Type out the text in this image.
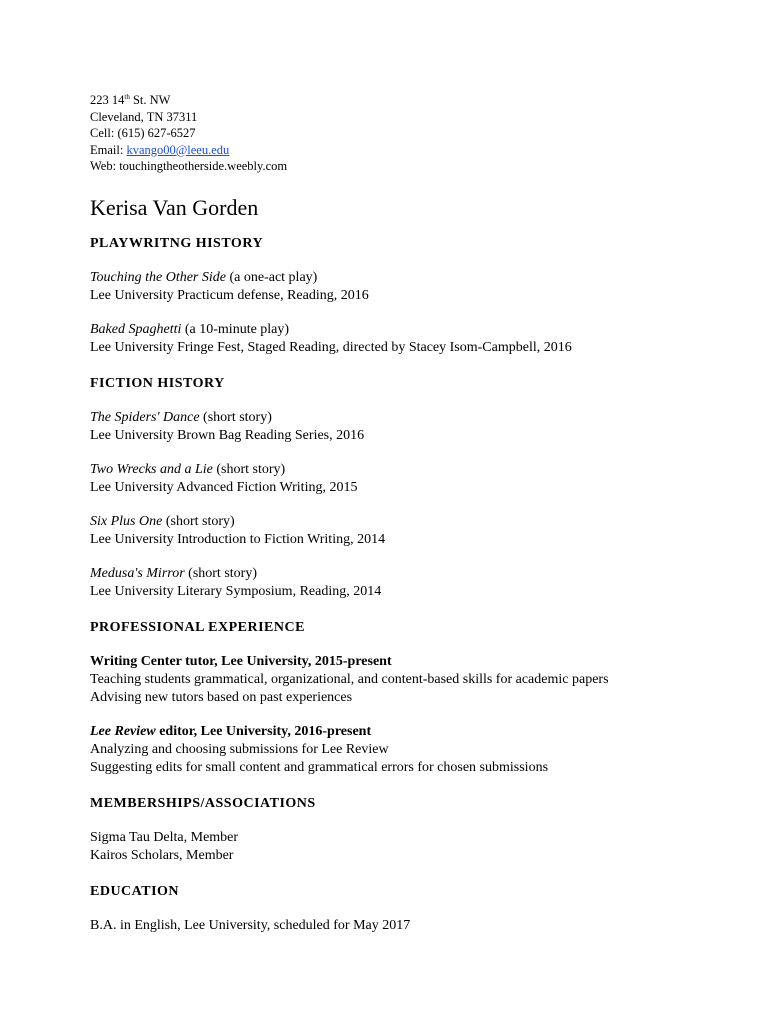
223 14th St. NW
Cleveland, TN 37311
Cell: (615) 627-6527
Email: kvango00@leeu.edu
Web: touchingtheotherside.weebly.com
Kerisa Van Gorden
PLAYWRITNG HISTORY
Touching the Other Side (a one-act play)
Lee University Practicum defense, Reading, 2016
Baked Spaghetti (a 10-minute play)
Lee University Fringe Fest, Staged Reading, directed by Stacey Isom-Campbell, 2016
FICTION HISTORY
The Spiders' Dance (short story)
Lee University Brown Bag Reading Series, 2016
Two Wrecks and a Lie (short story)
Lee University Advanced Fiction Writing, 2015
Six Plus One (short story)
Lee University Introduction to Fiction Writing, 2014
Medusa's Mirror (short story)
Lee University Literary Symposium, Reading, 2014
PROFESSIONAL EXPERIENCE
Writing Center tutor, Lee University, 2015-present
Teaching students grammatical, organizational, and content-based skills for academic papers
Advising new tutors based on past experiences
Lee Review editor, Lee University, 2016-present
Analyzing and choosing submissions for Lee Review
Suggesting edits for small content and grammatical errors for chosen submissions
MEMBERSHIPS/ASSOCIATIONS
Sigma Tau Delta, Member
Kairos Scholars, Member
EDUCATION
B.A. in English, Lee University, scheduled for May 2017
